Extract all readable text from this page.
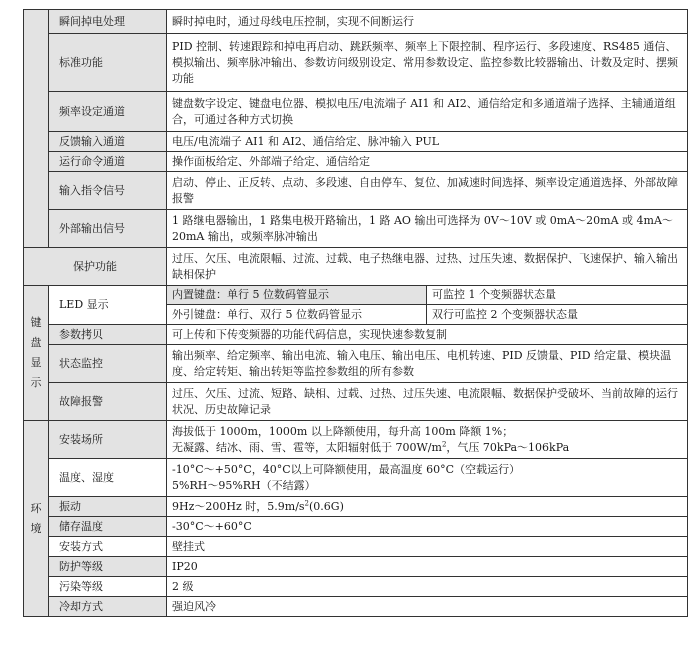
	瞬间掉电处理	瞬时掉电时，通过母线电压控制，实现不间断运行	
	标准功能	PID 控制、转速跟踪和掉电再启动、跳跃频率、频率上下限控制、程序运行、多段速度、RS485 通信、模拟输出、频率脉冲输出、参数访问级别设定、常用参数设定、监控参数比较器输出、计数及定时、摆频功能	
	频率设定通道	键盘数字设定、键盘电位器、模拟电压/电流端子 AI1 和 AI2、通信给定和多通道端子选择、主辅通道组合，可通过各种方式切换	
	反馈输入通道	电压/电流端子 AI1 和 AI2、通信给定、脉冲输入 PUL	
	运行命令通道	操作面板给定、外部端子给定、通信给定	
	输入指令信号	启动、停止、正反转、点动、多段速、自由停车、复位、加减速时间选择、频率设定通道选择、外部故障报警	
	外部输出信号	1 路继电器输出，1 路集电极开路输出，1 路 AO 输出可选择为 0V～10V 或 0mA～20mA 或 4mA～20mA 输出，或频率脉冲输出	
保护功能		过压、欠压、电流限幅、过流、过载、电子热继电器、过热、过压失速、数据保护、飞速保护、输入输出缺相保护	
键盘显示	LED 显示	内置键盘：单行 5 位数码管显示	可监控 1 个变频器状态量
		外引键盘：单行、双行 5 位数码管显示	双行可监控 2 个变频器状态量
	参数拷贝	可上传和下传变频器的功能代码信息，实现快速参数复制	
	状态监控	输出频率、给定频率、输出电流、输入电压、输出电压、电机转速、PID 反馈量、PID 给定量、模块温度、给定转矩、输出转矩等监控参数组的所有参数	
	故障报警	过压、欠压、过流、短路、缺相、过载、过热、过压失速、电流限幅、数据保护受破坏、当前故障的运行状况、历史故障记录	
环境	安装场所	海拔低于 1000m，1000m 以上降额使用，每升高 100m 降额 1%；
无凝露、结冰、雨、雪、雹等，太阳辐射低于 $700W/m^2$，气压 70kPa～106kPa	

	温度、湿度	-10°C～+50°C，40°C以上可降额使用，最高温度 60°C（空载运行）
5%RH～95%RH（不结露）	

	振动	9Hz～200Hz 时，$5.9m/s^2(0.6G)$	
	储存温度	-30°C～+60°C	
	安装方式	壁挂式	
	防护等级	IP20	
	污染等级	2 级	
	冷却方式	强迫风冷	
